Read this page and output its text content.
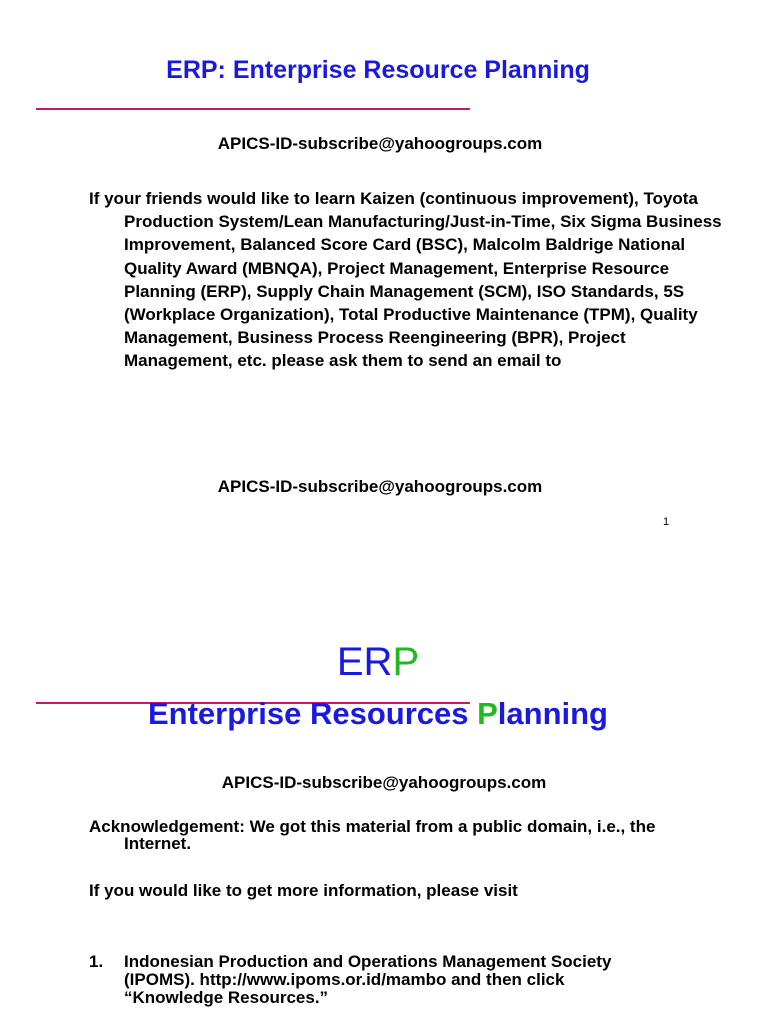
ERP: Enterprise Resource Planning

APICS-ID-subscribe@yahoogroups.com

If your friends would like to learn Kaizen (continuous improvement), Toyota Production System/Lean Manufacturing/Just-in-Time, Six Sigma Business Improvement, Balanced Score Card (BSC), Malcolm Baldrige National Quality Award (MBNQA), Project Management, Enterprise Resource Planning (ERP), Supply Chain Management (SCM), ISO Standards, 5S (Workplace Organization), Total Productive Maintenance (TPM), Quality Management, Business Process Reengineering (BPR), Project Management, etc. please ask them to send an email to

APICS-ID-subscribe@yahoogroups.com

1

ERP
Enterprise Resources Planning

APICS-ID-subscribe@yahoogroups.com

Acknowledgement: We got this material from a public domain, i.e., the Internet.

If you would like to get more information, please visit

1. Indonesian Production and Operations Management Society (IPOMS). http://www.ipoms.or.id/mambo and then click “Knowledge Resources.”
